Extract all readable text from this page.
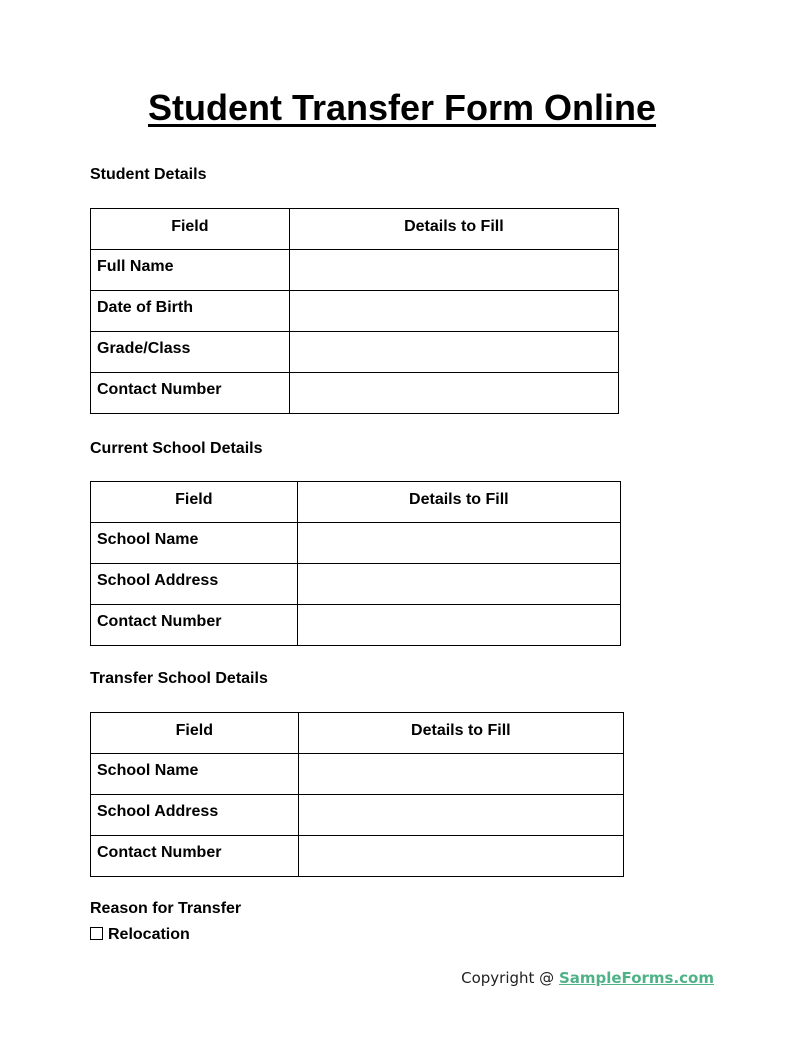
Student Transfer Form Online
Student Details
Field	Details to Fill
Full Name	
Date of Birth	
Grade/Class	
Contact Number	
Current School Details
Field	Details to Fill
School Name	
School Address	
Contact Number	
Transfer School Details
Field	Details to Fill
School Name	
School Address	
Contact Number	
Reason for Transfer
Relocation
Copyright @ SampleForms.com
